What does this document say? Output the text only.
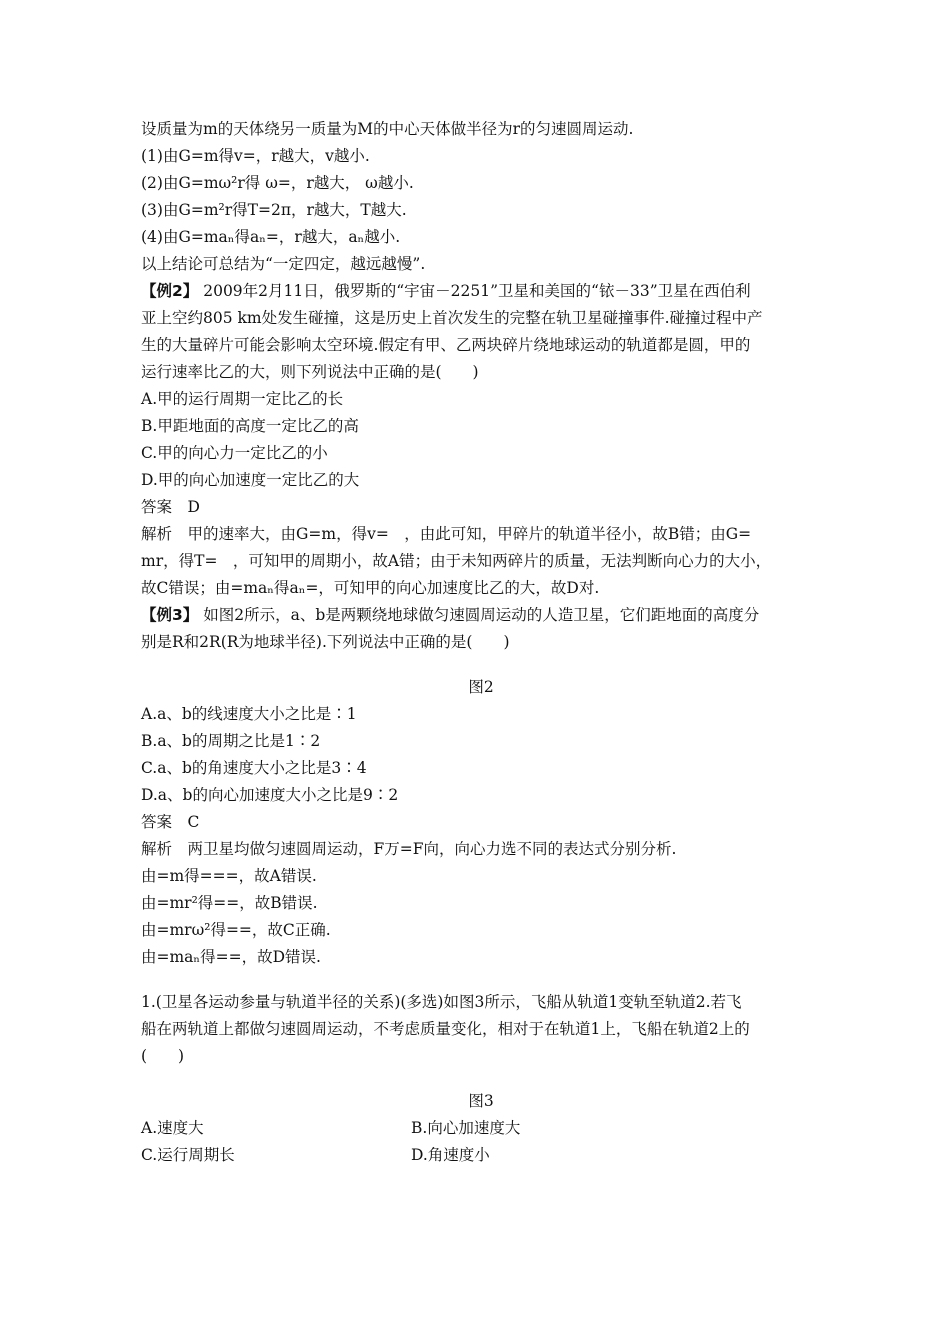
设质量为m的天体绕另一质量为M的中心天体做半径为r的匀速圆周运动.
(1)由G=m得v=，r越大，v越小.
(2)由G=mω²r得 ω=，r越大， ω越小.
(3)由G=m²r得T=2π，r越大，T越大.
(4)由G=maₙ得aₙ=，r越大，aₙ越小.
以上结论可总结为“一定四定，越远越慢”.
【例2】 2009年2月11日，俄罗斯的“宇宙－2251”卫星和美国的“铱－33”卫星在西伯利
亚上空约805 km处发生碰撞，这是历史上首次发生的完整在轨卫星碰撞事件.碰撞过程中产
生的大量碎片可能会影响太空环境.假定有甲、乙两块碎片绕地球运动的轨道都是圆，甲的
运行速率比乙的大，则下列说法中正确的是(　　)
A.甲的运行周期一定比乙的长
B.甲距地面的高度一定比乙的高
C.甲的向心力一定比乙的小
D.甲的向心加速度一定比乙的大
答案　D
解析　甲的速率大，由G=m，得v=　，由此可知，甲碎片的轨道半径小，故B错；由G=
mr，得T=　，可知甲的周期小，故A错；由于未知两碎片的质量，无法判断向心力的大小，
故C错误；由=maₙ得aₙ=，可知甲的向心加速度比乙的大，故D对.
【例3】 如图2所示，a、b是两颗绕地球做匀速圆周运动的人造卫星，它们距地面的高度分
别是R和2R(R为地球半径).下列说法中正确的是(　　)
图2
A.a、b的线速度大小之比是∶1
B.a、b的周期之比是1∶2
C.a、b的角速度大小之比是3∶4
D.a、b的向心加速度大小之比是9∶2
答案　C
解析　两卫星均做匀速圆周运动，F万=F向，向心力选不同的表达式分别分析.
由=m得===，故A错误.
由=mr²得==，故B错误.
由=mrω²得==，故C正确.
由=maₙ得==，故D错误.
1.(卫星各运动参量与轨道半径的关系)(多选)如图3所示，飞船从轨道1变轨至轨道2.若飞
船在两轨道上都做匀速圆周运动，不考虑质量变化，相对于在轨道1上，飞船在轨道2上的
(　　)
图3
A.速度大	B.向心加速度大
C.运行周期长	D.角速度小
